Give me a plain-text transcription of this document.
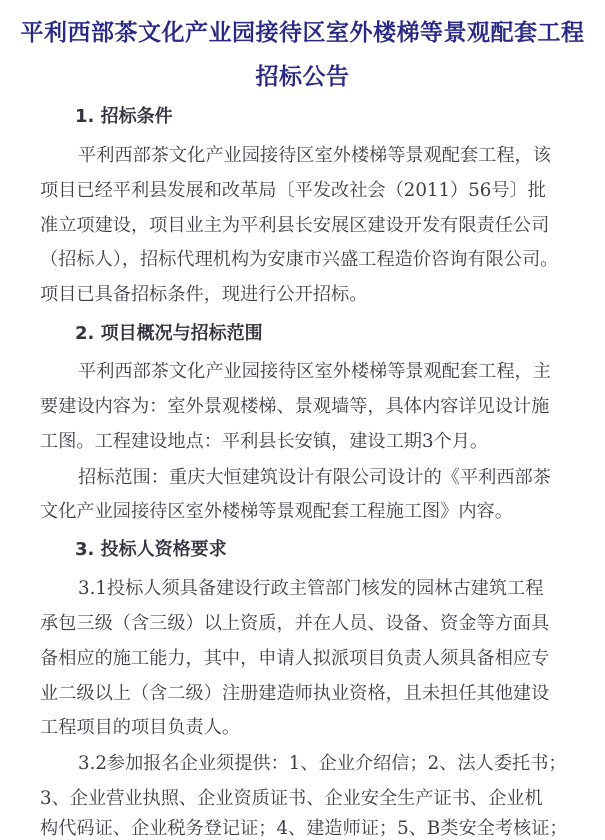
平利西部茶文化产业园接待区室外楼梯等景观配套工程
招标公告
1. 招标条件
平利西部茶文化产业园接待区室外楼梯等景观配套工程，该
项目已经平利县发展和改革局〔平发改社会（2011）56号〕批
准立项建设，项目业主为平利县长安展区建设开发有限责任公司
（招标人），招标代理机构为安康市兴盛工程造价咨询有限公司。
项目已具备招标条件，现进行公开招标。
2. 项目概况与招标范围
平利西部茶文化产业园接待区室外楼梯等景观配套工程，主
要建设内容为：室外景观楼梯、景观墙等，具体内容详见设计施
工图。工程建设地点：平利县长安镇，建设工期3个月。
招标范围：重庆大恒建筑设计有限公司设计的《平利西部茶
文化产业园接待区室外楼梯等景观配套工程施工图》内容。
3. 投标人资格要求
3.1投标人须具备建设行政主管部门核发的园林古建筑工程
承包三级（含三级）以上资质，并在人员、设备、资金等方面具
备相应的施工能力，其中，申请人拟派项目负责人须具备相应专
业二级以上（含二级）注册建造师执业资格，且未担任其他建设
工程项目的项目负责人。
3.2参加报名企业须提供：1、企业介绍信；2、法人委托书；
3、企业营业执照、企业资质证书、企业安全生产证书、企业机
构代码证、企业税务登记证；4、建造师证；5、B类安全考核证；
